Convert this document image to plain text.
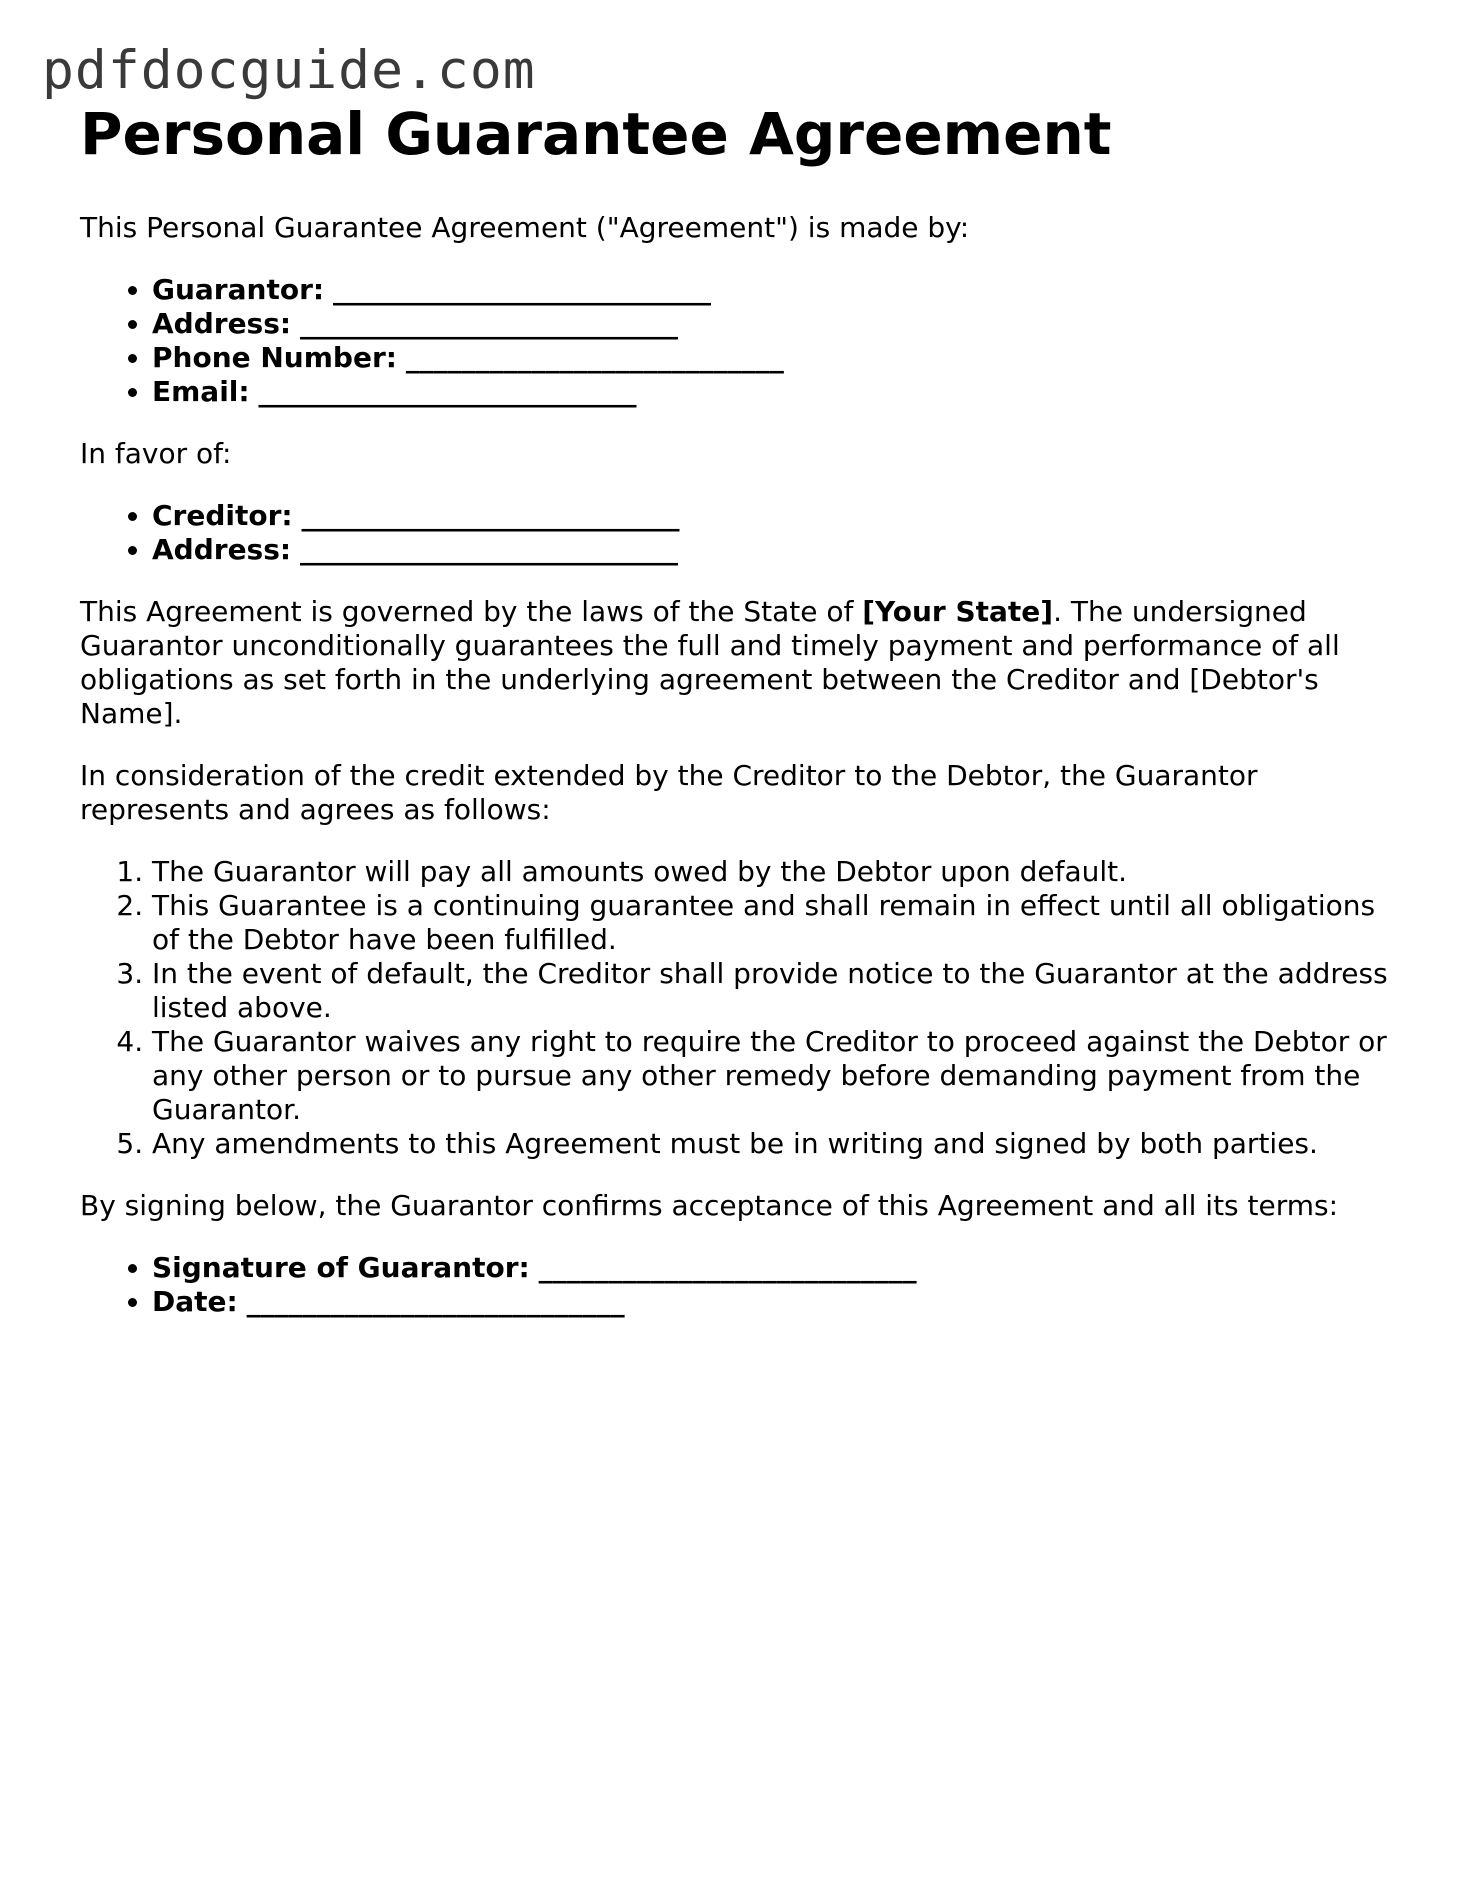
pdfdocguide.com
Personal Guarantee Agreement

This Personal Guarantee Agreement ("Agreement") is made by:

• Guarantor: ___________________________
• Address: ___________________________
• Phone Number: ___________________________
• Email: ___________________________

In favor of:

• Creditor: ___________________________
• Address: ___________________________

This Agreement is governed by the laws of the State of [Your State]. The undersigned Guarantor unconditionally guarantees the full and timely payment and performance of all obligations as set forth in the underlying agreement between the Creditor and [Debtor's Name].

In consideration of the credit extended by the Creditor to the Debtor, the Guarantor represents and agrees as follows:

1. The Guarantor will pay all amounts owed by the Debtor upon default.
2. This Guarantee is a continuing guarantee and shall remain in effect until all obligations of the Debtor have been fulfilled.
3. In the event of default, the Creditor shall provide notice to the Guarantor at the address listed above.
4. The Guarantor waives any right to require the Creditor to proceed against the Debtor or any other person or to pursue any other remedy before demanding payment from the Guarantor.
5. Any amendments to this Agreement must be in writing and signed by both parties.

By signing below, the Guarantor confirms acceptance of this Agreement and all its terms:

• Signature of Guarantor: ___________________________
• Date: ___________________________
